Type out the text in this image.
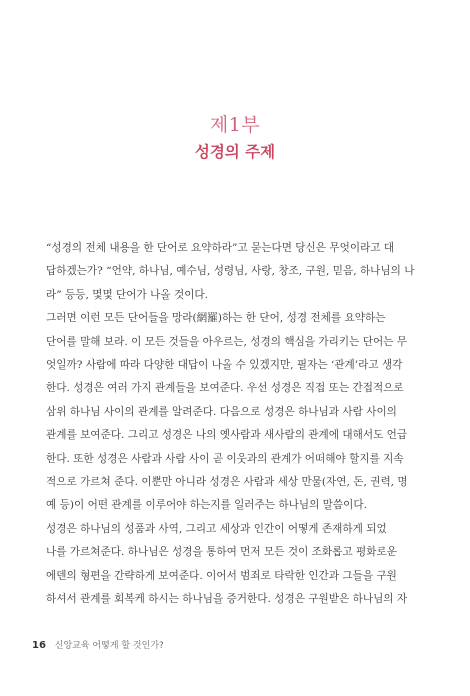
제1부
성경의 주제
“성경의 전체 내용을 한 단어로 요약하라”고 묻는다면 당신은 무엇이라고 대
답하겠는가? “언약, 하나님, 예수님, 성령님, 사랑, 창조, 구원, 믿음, 하나님의 나
라” 등등, 몇몇 단어가 나올 것이다.
그러면 이런 모든 단어들을 망라(網羅)하는 한 단어, 성경 전체를 요약하는
단어를 말해 보라. 이 모든 것들을 아우르는, 성경의 핵심을 가리키는 단어는 무
엇일까? 사람에 따라 다양한 대답이 나올 수 있겠지만, 필자는 ‘관계’라고 생각
한다. 성경은 여러 가지 관계들을 보여준다. 우선 성경은 직접 또는 간접적으로
삼위 하나님 사이의 관계를 알려준다. 다음으로 성경은 하나님과 사람 사이의
관계를 보여준다. 그리고 성경은 나의 옛사람과 새사람의 관계에 대해서도 언급
한다. 또한 성경은 사람과 사람 사이 곧 이웃과의 관계가 어떠해야 할지를 지속
적으로 가르쳐 준다. 이뿐만 아니라 성경은 사람과 세상 만물(자연, 돈, 권력, 명
예 등)이 어떤 관계를 이루어야 하는지를 일러주는 하나님의 말씀이다.
성경은 하나님의 성품과 사역, 그리고 세상과 인간이 어떻게 존재하게 되었
나를 가르쳐준다. 하나님은 성경을 통하여 먼저 모든 것이 조화롭고 평화로운
에덴의 형편을 간략하게 보여준다. 이어서 범죄로 타락한 인간과 그들을 구원
하셔서 관계를 회복케 하시는 하나님을 증거한다. 성경은 구원받은 하나님의 자
16 신앙교육 어떻게 할 것인가?
